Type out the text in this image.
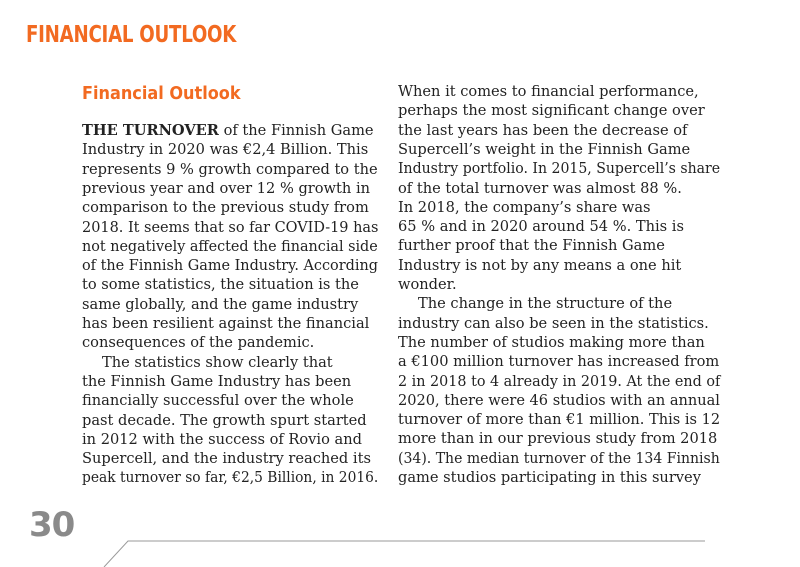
FINANCIAL OUTLOOK
Financial Outlook
THE TURNOVER of the Finnish Game
Industry in 2020 was €2,4 Billion. This
represents 9 % growth compared to the
previous year and over 12 % growth in
comparison to the previous study from
2018. It seems that so far COVID-19 has
not negatively affected the financial side
of the Finnish Game Industry. According
to some statistics, the situation is the
same globally, and the game industry
has been resilient against the financial
consequences of the pandemic.
The statistics show clearly that
the Finnish Game Industry has been
financially successful over the whole
past decade. The growth spurt started
in 2012 with the success of Rovio and
Supercell, and the industry reached its
peak turnover so far, €2,5 Billion, in 2016.
When it comes to financial performance,
perhaps the most significant change over
the last years has been the decrease of
Supercell’s weight in the Finnish Game
Industry portfolio. In 2015, Supercell’s share
of the total turnover was almost 88 %.
In 2018, the company’s share was
65 % and in 2020 around 54 %. This is
further proof that the Finnish Game
Industry is not by any means a one hit
wonder.
The change in the structure of the
industry can also be seen in the statistics.
The number of studios making more than
a €100 million turnover has increased from
2 in 2018 to 4 already in 2019. At the end of
2020, there were 46 studios with an annual
turnover of more than €1 million. This is 12
more than in our previous study from 2018
(34). The median turnover of the 134 Finnish
game studios participating in this survey
30
